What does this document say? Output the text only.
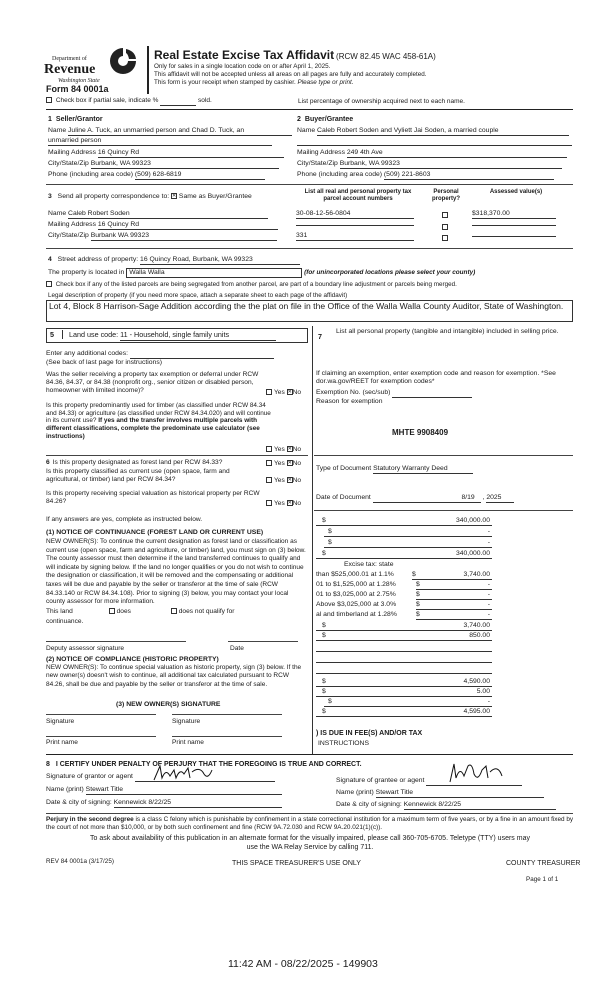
Department of
Revenue
Washington State
Form 84 0001a
Real Estate Excise Tax Affidavit (RCW 82.45 WAC 458-61A)
Only for sales in a single location code on or after April 1, 2025.
This affidavit will not be accepted unless all areas on all pages are fully and accurately completed.
This form is your receipt when stamped by cashier. Please type or print.
Check box if partial sale, indicate %	sold.	List percentage of ownership acquired next to each name.
1 Seller/Grantor
Name Juline A. Tuck, an unmarried person and Chad D. Tuck, an
unmarried person
Mailing Address 16 Quincy Rd
City/State/Zip Burbank, WA 99323
Phone (including area code) (509) 628-6819
2 Buyer/Grantee
Name Caleb Robert Soden and Vyliett Jai Soden, a married couple

Mailing Address 249 4th Ave
City/State/Zip Burbank, WA 99323
Phone (including area code) (509) 221-8603
3 Send all property correspondence to: ✕ Same as Buyer/Grantee
Name Caleb Robert Soden
Mailing Address 16 Quincy Rd
City/State/Zip Burbank WA 99323
List all real and personal property tax parcel account numbers
Personal property?
Assessed value(s)
30-08-12-56-0804	$318,370.00
331
4 Street address of property: 16 Quincy Road, Burbank, WA 99323
The property is located in Walla Walla	(for unincorporated locations please select your county)
Check box if any of the listed parcels are being segregated from another parcel, are part of a boundary line adjustment or parcels being merged.
Legal description of property (if you need more space, attach a separate sheet to each page of the affidavit)
Lot 4, Block 8 Harrison-Sage Addition according the the plat on file in the Office of the Walla Walla County Auditor, State of Washington.
5 Land use code: 11 - Household, single family units
Enter any additional codes:
(See back of last page for instructions)
Was the seller receiving a property tax exemption or deferral under RCW 84.36, 84.37, or 84.38 (nonprofit org., senior citizen or disabled person, homeowner with limited income)?	Yes ✕No
Is this property predominantly used for timber (as classified under RCW 84.34 and 84.33) or agriculture (as classified under RCW 84.34.020) and will continue in its current use? If yes and the transfer involves multiple parcels with different classifications, complete the predominate use calculator (see instructions)
Yes ✕No
6 Is this property designated as forest land per RCW 84.33?	Yes ✕No
Is this property classified as current use (open space, farm and agricultural, or timber) land per RCW 84.34?	Yes ✕No
Is this property receiving special valuation as historical property per RCW 84.26?	Yes ✕No
If any answers are yes, complete as instructed below.
(1) NOTICE OF CONTINUANCE (FOREST LAND OR CURRENT USE)
NEW OWNER(S): To continue the current designation as forest land or classification as current use (open space, farm and agriculture, or timber) land, you must sign on (3) below. The county assessor must then determine if the land transferred continues to qualify and will indicate by signing below. If the land no longer qualifies or you do not wish to continue the designation or classification, it will be removed and the compensating or additional taxes will be due and payable by the seller or transferor at the time of sale (RCW 84.33.140 or RCW 84.34.108). Prior to signing (3) below, you may contact your local county assessor for more information.
This land	does	does not qualify for
continuance.
Deputy assessor signature	Date
(2) NOTICE OF COMPLIANCE (HISTORIC PROPERTY)
NEW OWNER(S): To continue special valuation as historic property, sign (3) below. If the new owner(s) doesn't wish to continue, all additional tax calculated pursuant to RCW 84.26, shall be due and payable by the seller or transferor at the time of sale.
(3) NEW OWNER(S) SIGNATURE
Signature	Signature
Print name	Print name
7
List all personal property (tangible and intangible) included in selling price.
If claiming an exemption, enter exemption code and reason for exemption. *See dor.wa.gov/REET for exemption codes*
Exemption No. (sec/sub)
Reason for exemption
MHTE 9908409
Type of Document Statutory Warranty Deed
Date of Document	8/19 , 2025
$	340,000.00
$	-
$	-
$	340,000.00
Excise tax: state
than $525,000.01 at 1.1%	$	3,740.00
01 to $1,525,000 at 1.28%	$	-
01 to $3,025,000 at 2.75%	$	-
Above $3,025,000 at 3.0%	$	-
al and timberland at 1.28%	$	-
$	3,740.00
$	850.00
$	4,590.00
$	5.00
$	-
$	4,595.00
) IS DUE IN FEE(S) AND/OR TAX
INSTRUCTIONS
8 I CERTIFY UNDER PENALTY OF PERJURY THAT THE FOREGOING IS TRUE AND CORRECT.
Signature of grantor or agent
Signature of grantee or agent
Name (print) Stewart Title	Name (print) Stewart Title
Date & city of signing: Kennewick 8/22/25	Date & city of signing: Kennewick 8/22/25
Perjury in the second degree is a class C felony which is punishable by confinement in a state correctional institution for a maximum term of five years, or by a fine in an amount fixed by the court of not more than $10,000, or by both such confinement and fine (RCW 9A.72.030 and RCW 9A.20.021(1)(c)).
To ask about availability of this publication in an alternate format for the visually impaired, please call 360-705-6705. Teletype (TTY) users may use the WA Relay Service by calling 711.
REV 84 0001a (3/17/25)	THIS SPACE TREASURER'S USE ONLY	COUNTY TREASURER
Page 1 of 1
11:42 AM - 08/22/2025 - 149903
